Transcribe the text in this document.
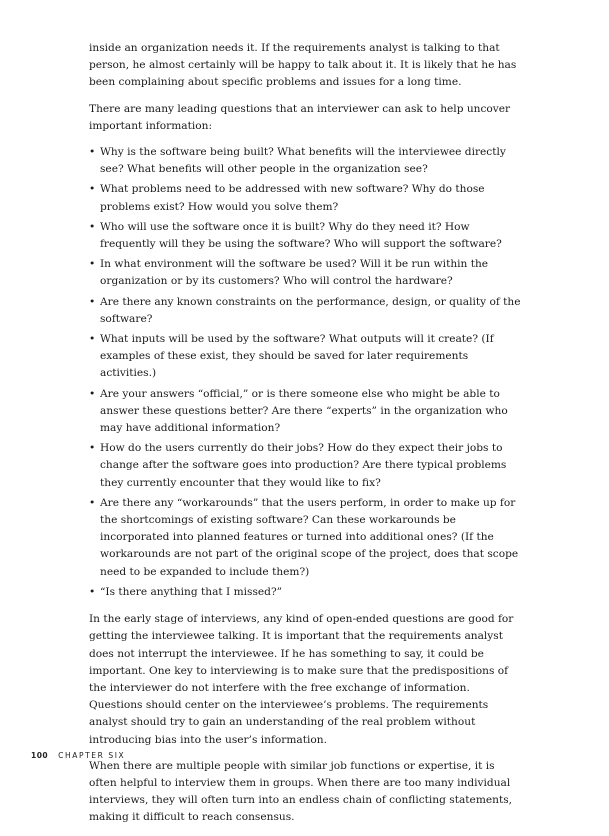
inside an organization needs it. If the requirements analyst is talking to that person, he almost certainly will be happy to talk about it. It is likely that he has been complaining about specific problems and issues for a long time.

There are many leading questions that an interviewer can ask to help uncover important information:

• Why is the software being built? What benefits will the interviewee directly see? What benefits will other people in the organization see?
• What problems need to be addressed with new software? Why do those problems exist? How would you solve them?
• Who will use the software once it is built? Why do they need it? How frequently will they be using the software? Who will support the software?
• In what environment will the software be used? Will it be run within the organization or by its customers? Who will control the hardware?
• Are there any known constraints on the performance, design, or quality of the software?
• What inputs will be used by the software? What outputs will it create? (If examples of these exist, they should be saved for later requirements activities.)
• Are your answers “official,” or is there someone else who might be able to answer these questions better? Are there “experts” in the organization who may have additional information?
• How do the users currently do their jobs? How do they expect their jobs to change after the software goes into production? Are there typical problems they currently encounter that they would like to fix?
• Are there any “workarounds” that the users perform, in order to make up for the shortcomings of existing software? Can these workarounds be incorporated into planned features or turned into additional ones? (If the workarounds are not part of the original scope of the project, does that scope need to be expanded to include them?)
• “Is there anything that I missed?”

In the early stage of interviews, any kind of open-ended questions are good for getting the interviewee talking. It is important that the requirements analyst does not interrupt the interviewee. If he has something to say, it could be important. One key to interviewing is to make sure that the predispositions of the interviewer do not interfere with the free exchange of information. Questions should center on the interviewee’s problems. The requirements analyst should try to gain an understanding of the real problem without introducing bias into the user’s information.

When there are multiple people with similar job functions or expertise, it is often helpful to interview them in groups. When there are too many individual interviews, they will often turn into an endless chain of conflicting statements, making it difficult to reach consensus.

100 CHAPTER SIX
